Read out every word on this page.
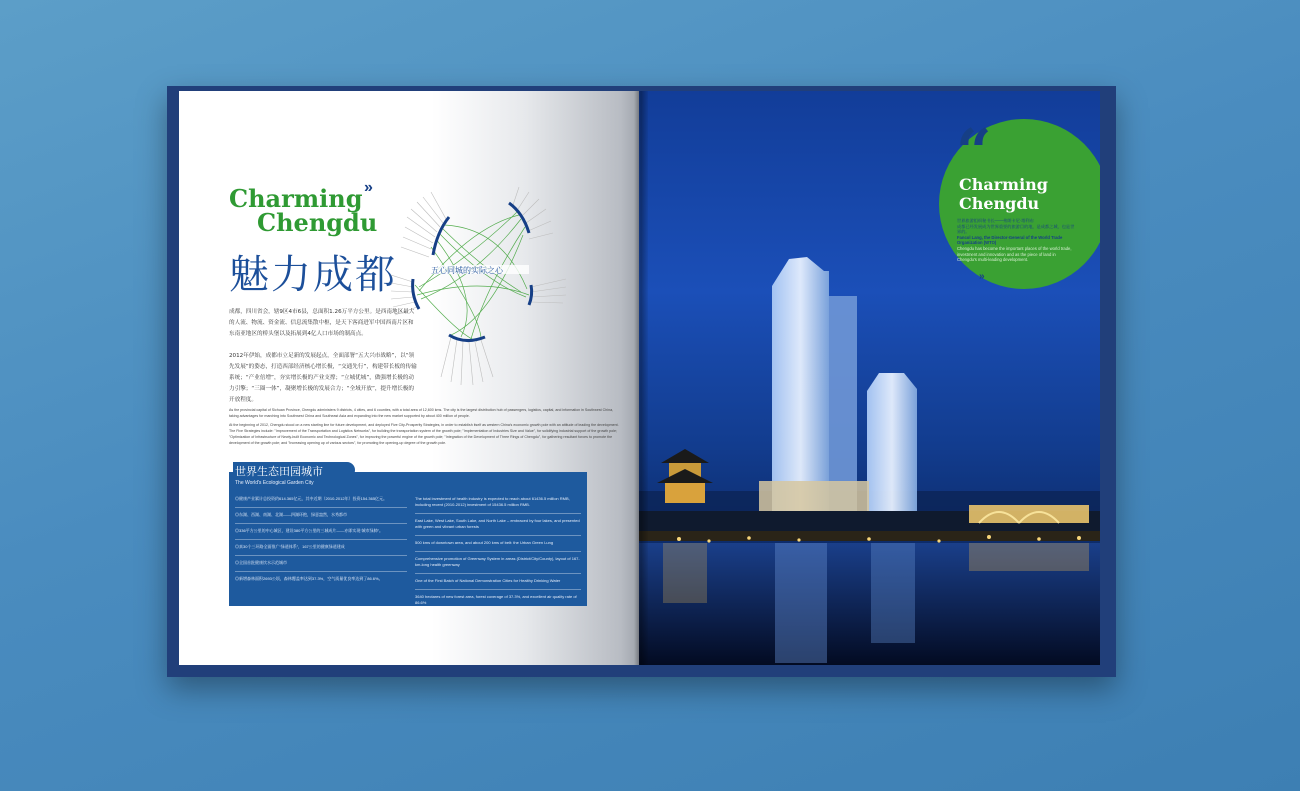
Charming »
Chengdu
魅力成都	五心同城的实际之心
成都，四川省会，辖9区4市6县，总面积1.26万平方公里。是西南地区最大的人流、物流、资金流、信息流集散中枢，是天下客商进军中国西南片区和东南亚地区的桥头堡以及拓展到4亿人口市场的制高点。
2012年伊始，成都市立足新的发展起点，全面部署“五大兴市战略”，以“领先发展”的姿态，打造西部经济核心增长极，“交通先行”，构建带长板的传输系统；“产业倍增”，夯实增长极的产业支撑；“立城优城”，做强增长极的动力引擎；“三圈一体”，凝聚增长极的发展合力；“全域开放”，提升增长极的开放程度。
As the provincial capital of Sichuan Province, Chengdu administers 9 districts, 4 cities, and 6 counties, with a total area of 12,600 kms. The city is the largest distribution hub of passengers, logistics, capital, and information in Southwest China, taking advantages for marching into Southwest China and Southeast Asia and expanding into the new market supported by about 400 million of people.
At the beginning of 2012, Chengdu stood on a new starting line for future development, and deployed Five City-Prosperity Strategies, in order to establish itself as western China's economic growth pole with an attitude of leading the development. The Five Strategies include: "Improvement of the Transportation and Logistics Networks", for building the transportation system of the growth pole; "Implementation of Industries Size and Value", for solidifying industrial support of the growth pole; "Optimization of Infrastructure of Newly-built Economic and Technological Zones", for improving the powerful engine of the growth pole; "Integration of the Development of Three Rings of Chengdu", for gathering resultant forces to promote the development of the growth pole; and "Increasing opening up of various sectors", for promoting the opening-up degree of the growth pole.
◎健康产业累计总投资约614.365亿元，其中近期（2010-2012年）投资154.365亿元。
◎东湖、西湖、南湖、北湖——四湖环抱，绿意盎然，水秀都市
◎336平方公里的中心城区，建设380平方公里的三城成片——亦即实现“城市绿肺”。
◎真30个三环路全面推广“绿道体系”，167公里的健康绿道建成
◎全国首批健康饮水示范城市
◎新增森林面积2693公顷，森林覆盖率达到37.3%，空气质量优良率达到了86.6%。
The total investment of health industry is expected to reach about 61436.5 million RMB, including recent (2010-2012) investment of 15436.5 million RMB.
East Lake, West Lake, South Lake, and North Lake – embraced by four lakes, and presented with green and vibrant urban forests
500 kms of downtown area, and about 200 kms of belt: the Urban Green Lung
Comprehensive promotion of Greenway System in areas (District/City/County), layout of 167-km-long health greenway
One of the First Batch of National Demonstration Cities for Healthy Drinking Water
3640 hectares of new forest area, forest coverage of 37.3%, and excellent air quality rate of 86.6%
世界生态田园城市
The World's Ecological Garden City
“
Charming
Chengdu
世界旅游组织秘书长——弗朗卡尼·塔利布
成都已经发展成为世界重要的旅游目的地，是成都之城，也是世界的。
Fancol Lang, the Director-General of the World Trade Organization (WTO)
Chengdu has become the important places of the world trade, investment and innovation and as the piece of land in Chengdu's multi-leading development.
»
